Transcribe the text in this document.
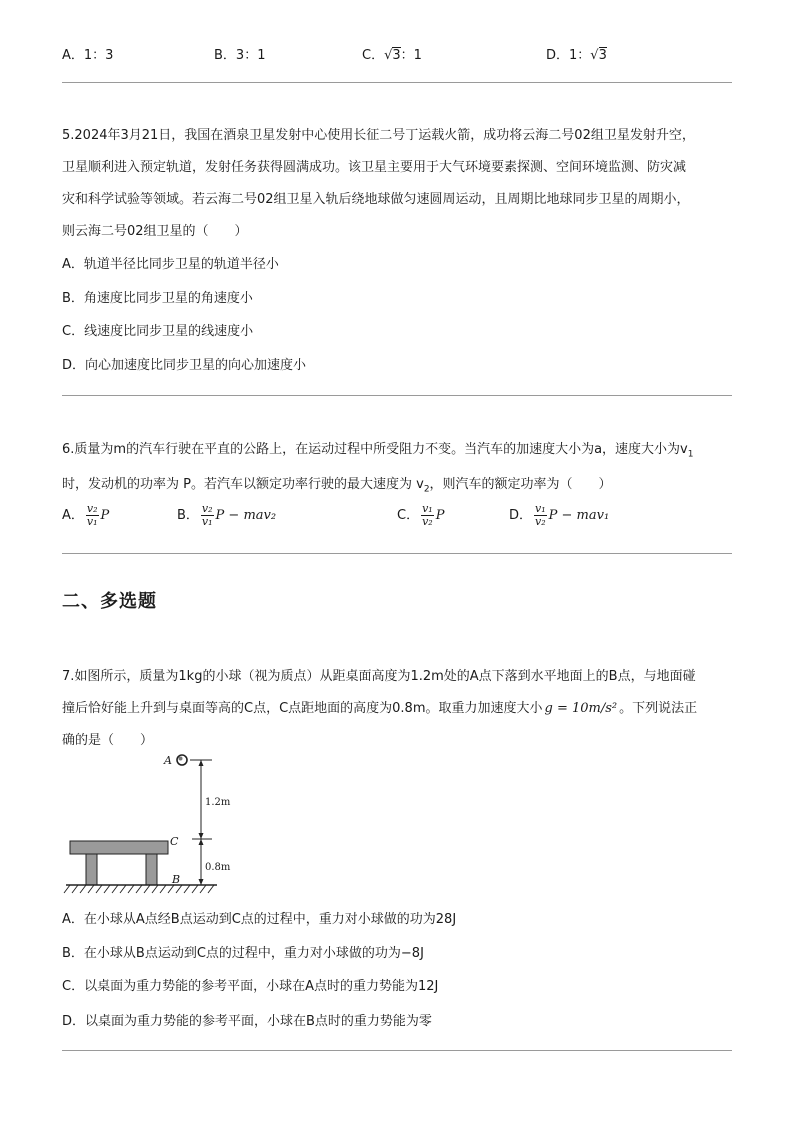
A．1：3	B．3：1	C．√3：1	D．1：√3
5.2024年3月21日，我国在酒泉卫星发射中心使用长征二号丁运载火箭，成功将云海二号02组卫星发射升空，
卫星顺利进入预定轨道，发射任务获得圆满成功。该卫星主要用于大气环境要素探测、空间环境监测、防灾减
灾和科学试验等领域。若云海二号02组卫星入轨后绕地球做匀速圆周运动，且周期比地球同步卫星的周期小，
则云海二号02组卫星的（　　）
A．轨道半径比同步卫星的轨道半径小
B．角速度比同步卫星的角速度小
C．线速度比同步卫星的线速度小
D．向心加速度比同步卫星的向心加速度小
6.质量为m的汽车行驶在平直的公路上，在运动过程中所受阻力不变。当汽车的加速度大小为a，速度大小为$v_1$
时，发动机的功率为 P。若汽车以额定功率行驶的最大速度为 $v_2$，则汽车的额定功率为（　　）
A． $\frac{\text{v₂}}{\text{v₁}}$ P	B． $\frac{\text{v₂}}{\text{v₁}}$ P − mav₂	C． $\frac{\text{v₁}}{\text{v₂}}$ P	D． $\frac{\text{v₁}}{\text{v₂}}$ P − mav₁
二、多选题
7.如图所示，质量为1kg的小球（视为质点）从距桌面高度为1.2m处的A点下落到水平地面上的B点，与地面碰
撞后恰好能上升到与桌面等高的C点，C点距地面的高度为0.8m。取重力加速度大小 g = 10m/s² 。下列说法正
确的是（　　）
A
C
1.2m
0.8m
B
A．在小球从A点经B点运动到C点的过程中，重力对小球做的功为28J
B．在小球从B点运动到C点的过程中，重力对小球做的功为−8J
C．以桌面为重力势能的参考平面，小球在A点时的重力势能为12J
D．以桌面为重力势能的参考平面，小球在B点时的重力势能为零
